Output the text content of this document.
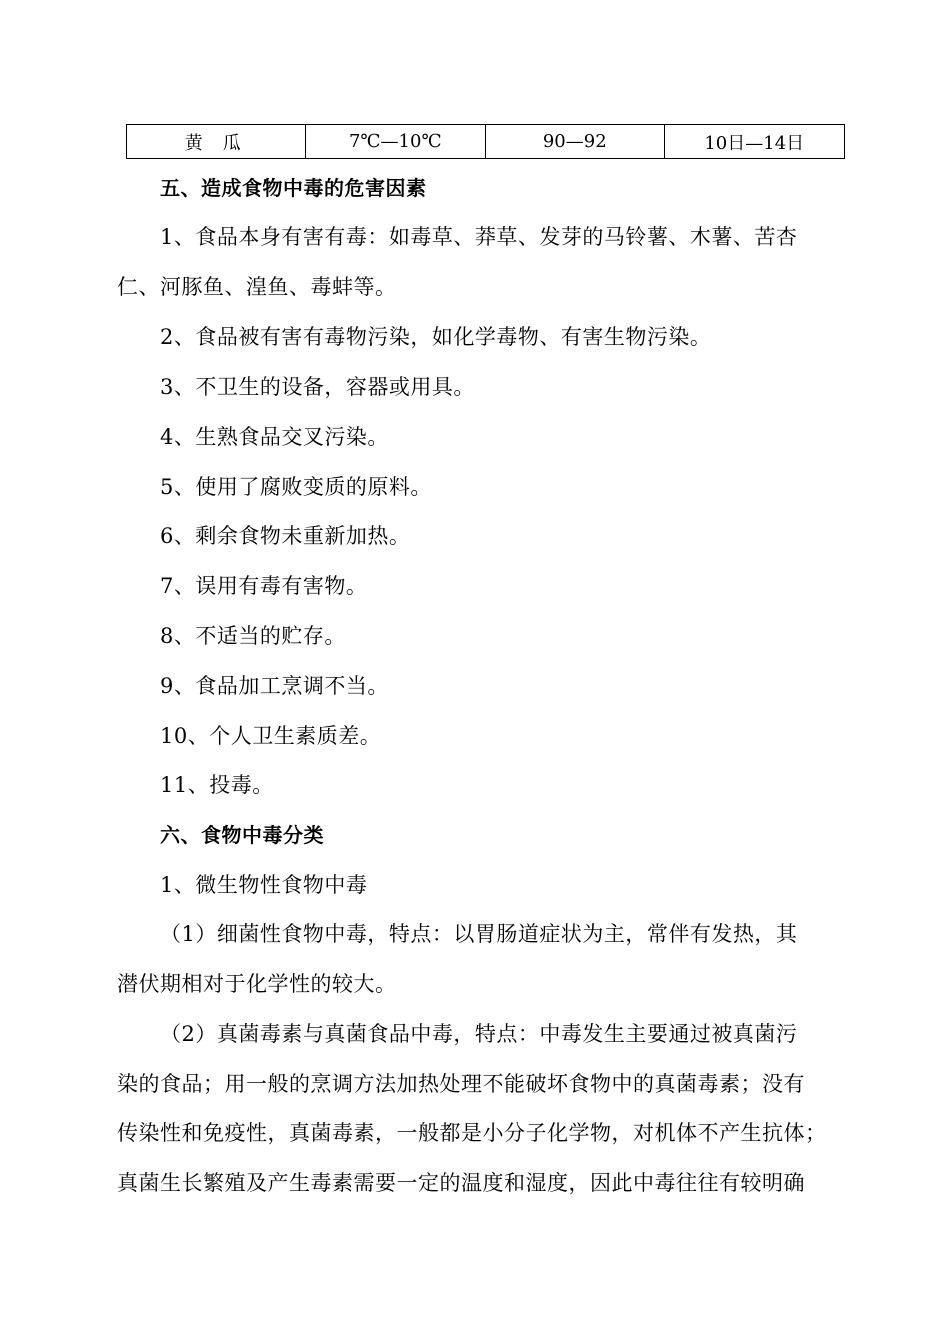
黄瓜	7℃—10℃	90—92	10日—14日
五、造成食物中毒的危害因素
1、食品本身有害有毒：如毒草、莽草、发芽的马铃薯、木薯、苦杏
仁、河豚鱼、湟鱼、毒蚌等。
2、食品被有害有毒物污染，如化学毒物、有害生物污染。
3、不卫生的设备，容器或用具。
4、生熟食品交叉污染。
5、使用了腐败变质的原料。
6、剩余食物未重新加热。
7、误用有毒有害物。
8、不适当的贮存。
9、食品加工烹调不当。
10、个人卫生素质差。
11、投毒。
六、食物中毒分类
1、微生物性食物中毒
（1）细菌性食物中毒，特点：以胃肠道症状为主，常伴有发热，其
潜伏期相对于化学性的较大。
（2）真菌毒素与真菌食品中毒，特点：中毒发生主要通过被真菌污
染的食品；用一般的烹调方法加热处理不能破坏食物中的真菌毒素；没有
传染性和免疫性，真菌毒素，一般都是小分子化学物，对机体不产生抗体；
真菌生长繁殖及产生毒素需要一定的温度和湿度，因此中毒往往有较明确
